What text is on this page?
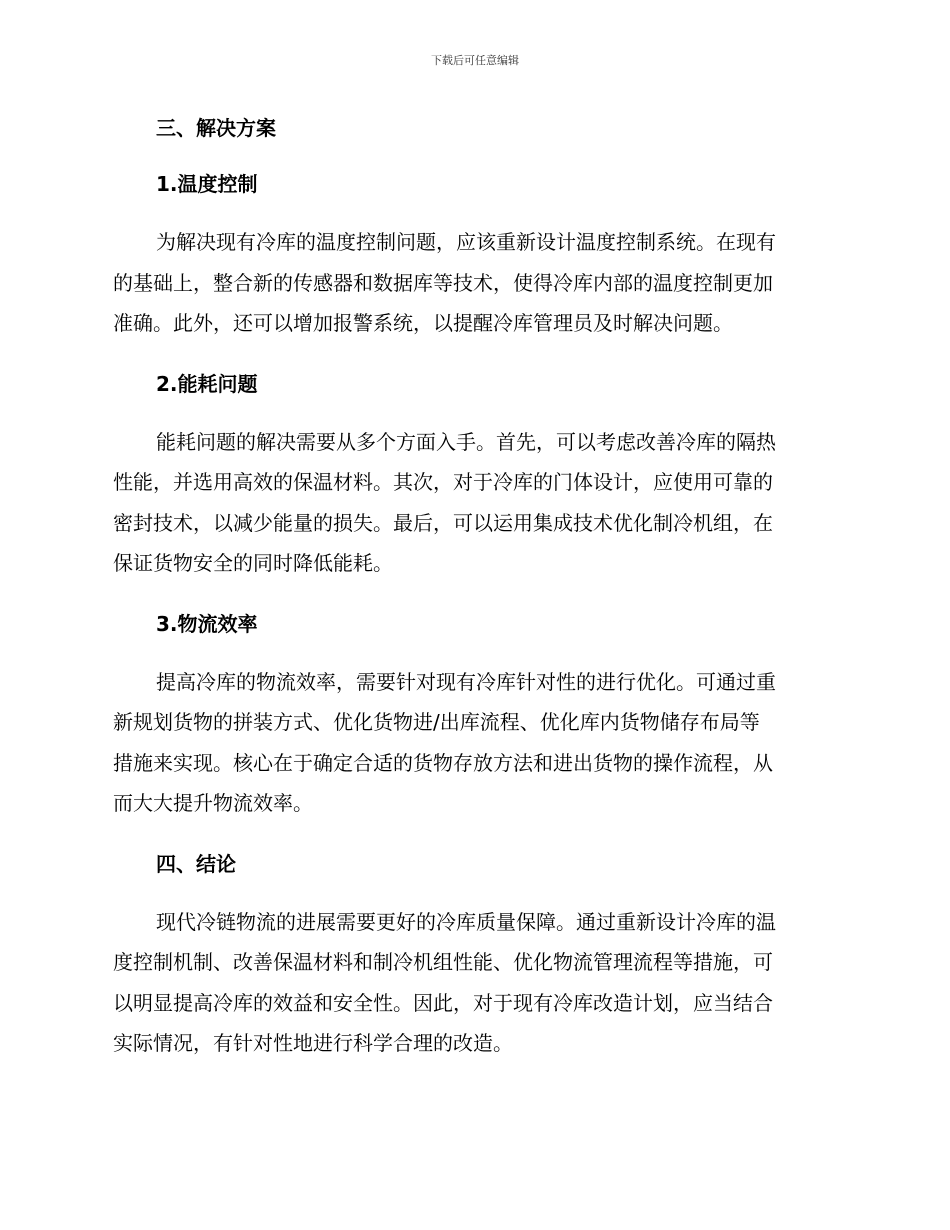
下载后可任意编辑
三、解决方案
1.温度控制

为解决现有冷库的温度控制问题，应该重新设计温度控制系统。在现有
的基础上，整合新的传感器和数据库等技术，使得冷库内部的温度控制更加
准确。此外，还可以增加报警系统，以提醒冷库管理员及时解决问题。

2.能耗问题

能耗问题的解决需要从多个方面入手。首先，可以考虑改善冷库的隔热
性能，并选用高效的保温材料。其次，对于冷库的门体设计，应使用可靠的
密封技术，以减少能量的损失。最后，可以运用集成技术优化制冷机组，在
保证货物安全的同时降低能耗。

3.物流效率

提高冷库的物流效率，需要针对现有冷库针对性的进行优化。可通过重
新规划货物的拼装方式、优化货物进/出库流程、优化库内货物储存布局等
措施来实现。核心在于确定合适的货物存放方法和进出货物的操作流程，从
而大大提升物流效率。

四、结论

现代冷链物流的进展需要更好的冷库质量保障。通过重新设计冷库的温
度控制机制、改善保温材料和制冷机组性能、优化物流管理流程等措施，可
以明显提高冷库的效益和安全性。因此，对于现有冷库改造计划，应当结合
实际情况，有针对性地进行科学合理的改造。
